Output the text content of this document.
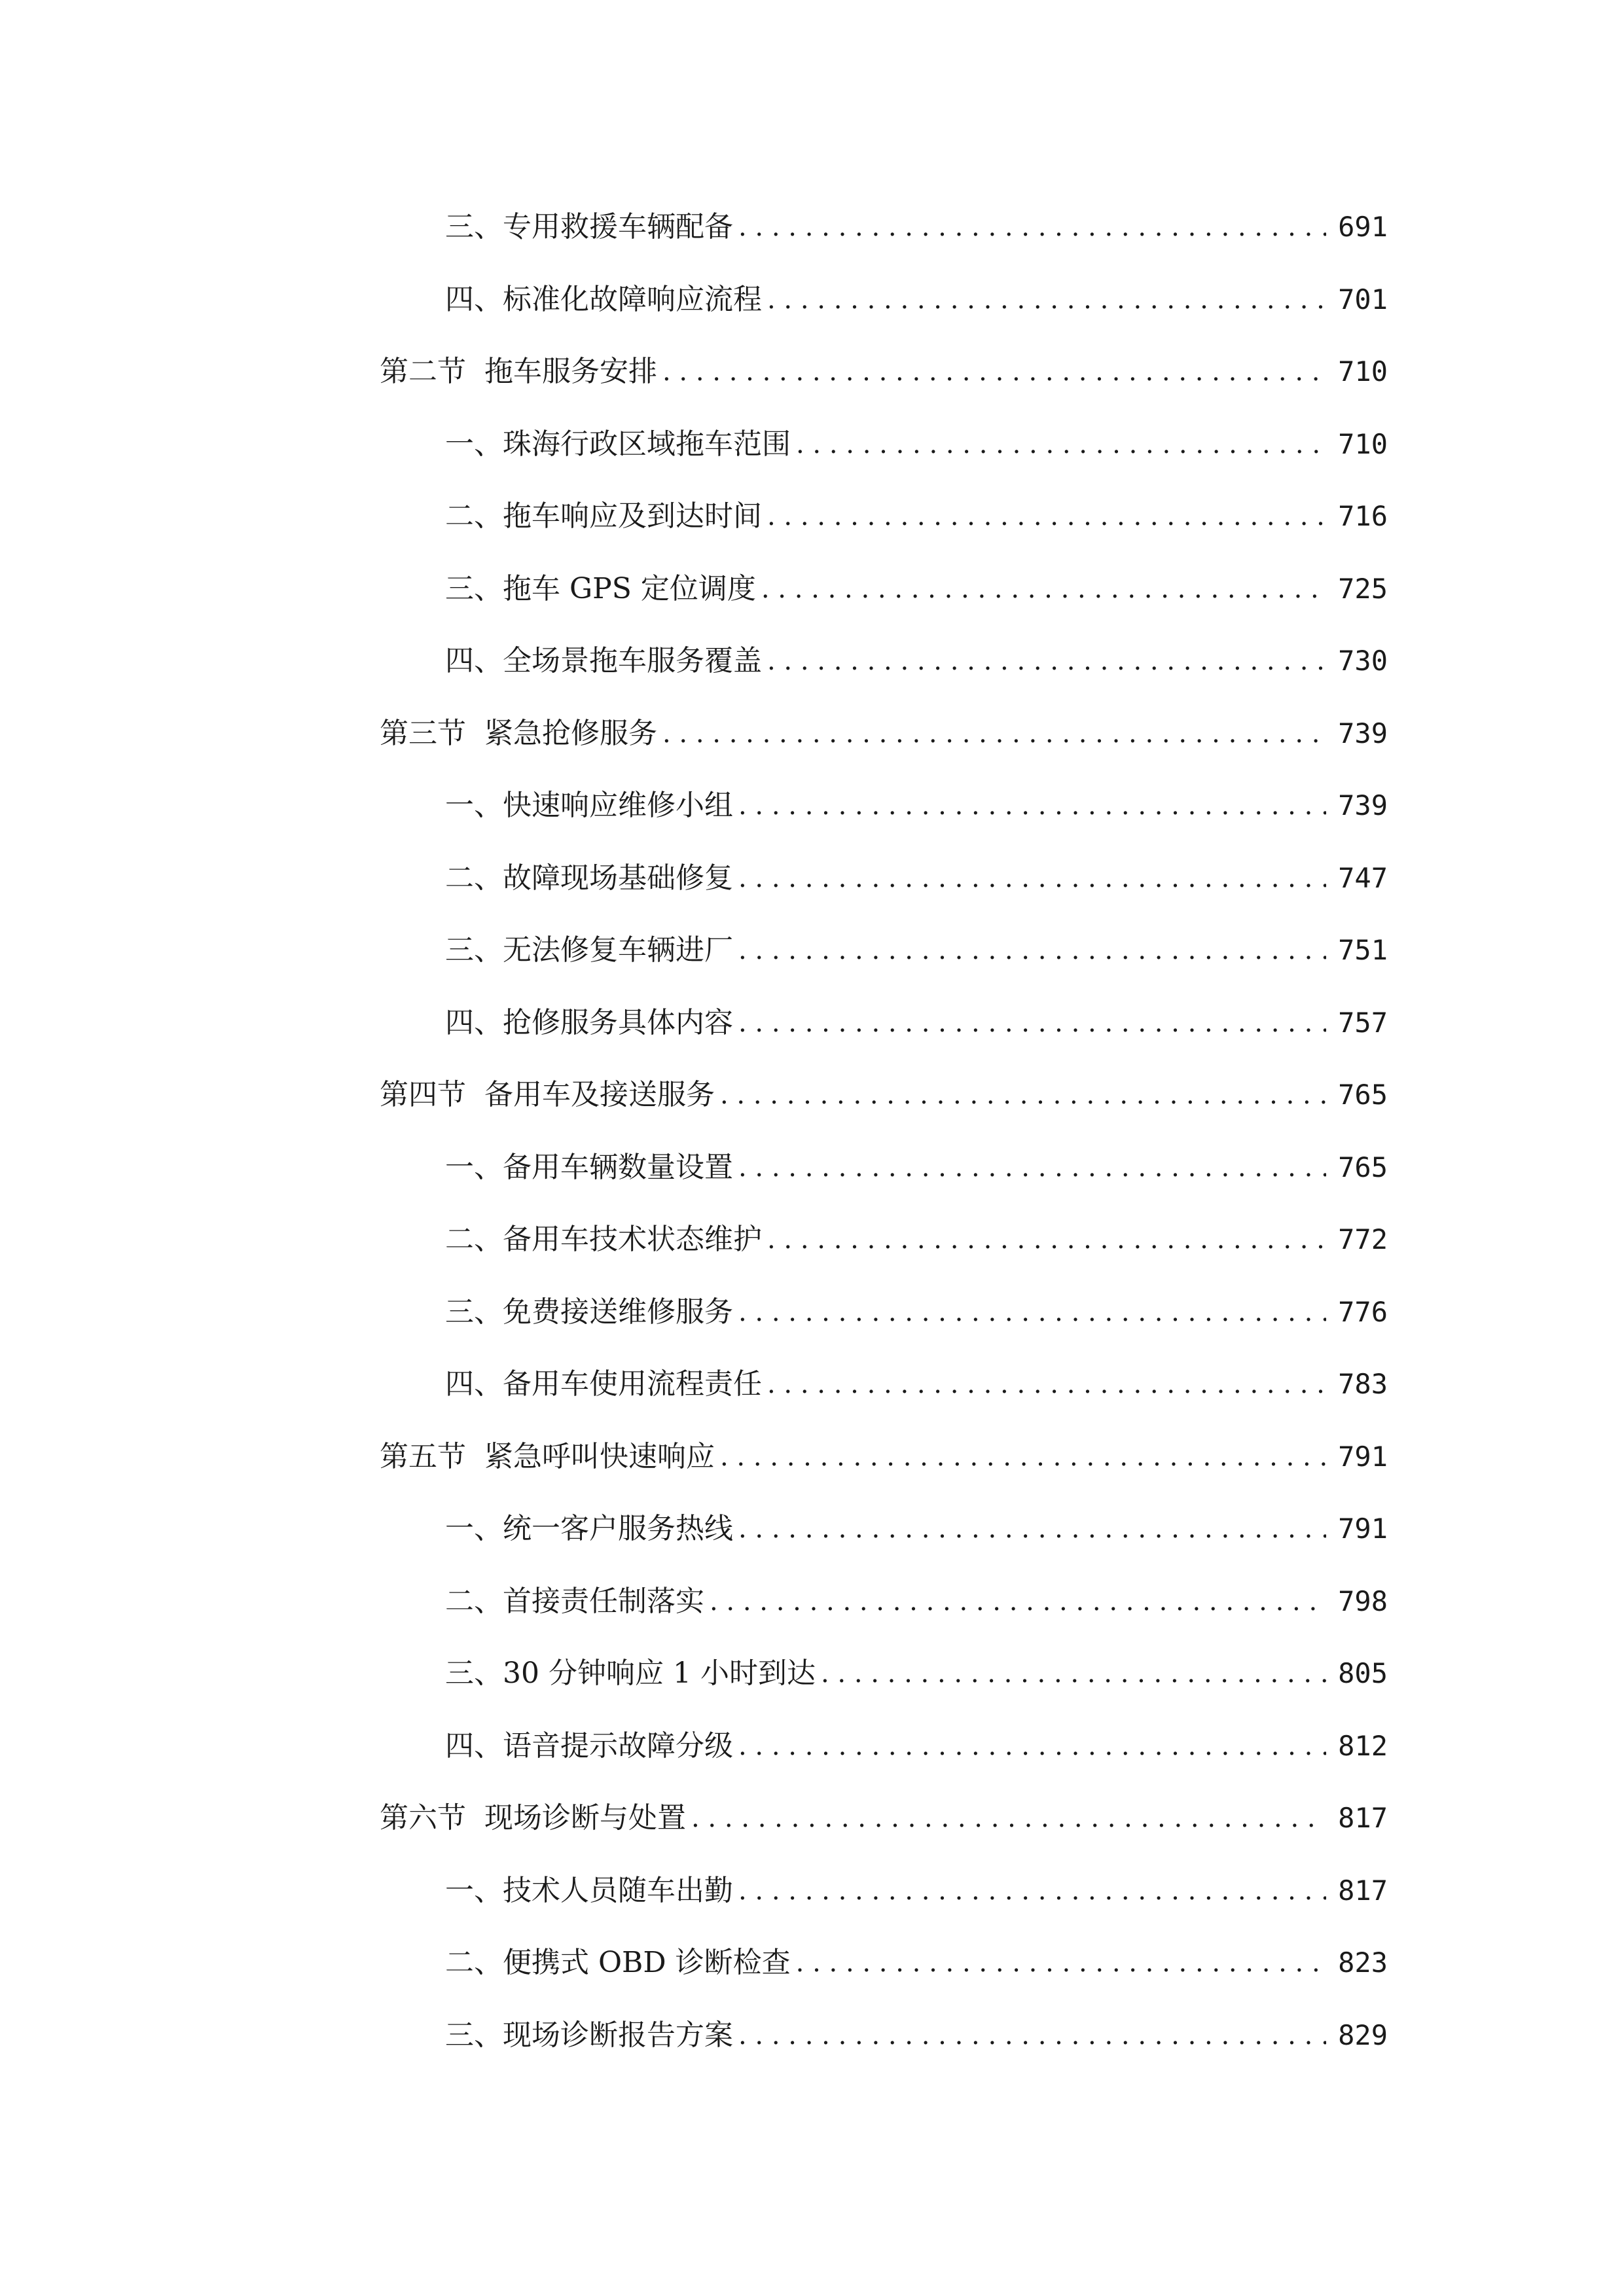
三、 专用救援车辆配备 . . .	691
四、 标准化故障响应流程 . . .	701
第二节 拖车服务安排 . . .	710
一、 珠海行政区域拖车范围 . . .	710
二、 拖车响应及到达时间 . . .	716
三、 拖车 GPS 定位调度 . . .	725
四、 全场景拖车服务覆盖 . . .	730
第三节 紧急抢修服务 . . .	739
一、 快速响应维修小组 . . .	739
二、 故障现场基础修复 . . .	747
三、 无法修复车辆进厂 . . .	751
四、 抢修服务具体内容 . . .	757
第四节 备用车及接送服务 . . .	765
一、 备用车辆数量设置 . . .	765
二、 备用车技术状态维护 . . .	772
三、 免费接送维修服务 . . .	776
四、 备用车使用流程责任 . . .	783
第五节 紧急呼叫快速响应 . . .	791
一、 统一客户服务热线 . . .	791
二、 首接责任制落实 . . .	798
三、 30 分钟响应 1 小时到达 . . .	805
四、 语音提示故障分级 . . .	812
第六节 现场诊断与处置 . . .	817
一、 技术人员随车出勤 . . .	817
二、 便携式 OBD 诊断检查 . . .	823
三、 现场诊断报告方案 . . .	829
